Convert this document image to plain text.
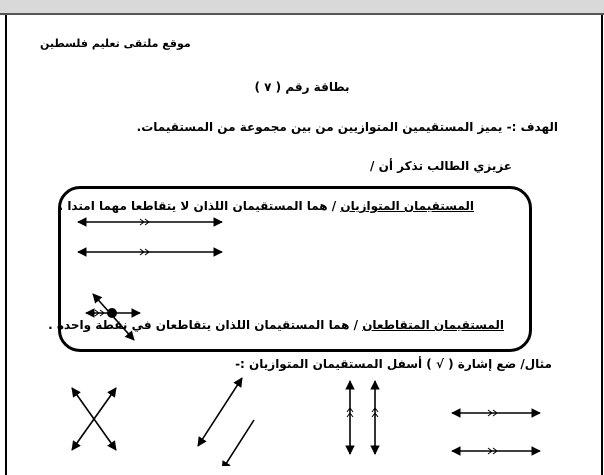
موقع ملتقى تعليم فلسطين
بطاقة رقم ( ٧ )
الهدف :- يميز المستقيمين المتوازيين من بين مجموعة من المستقيمات.
عزيزي الطالب تذكر أن /
المستقيمان المتوازيان / هما المستقيمان اللذان لا يتقاطعا مهما امتدا .
المستقيمان المتقاطعان / هما المستقيمان اللذان يتقاطعان في نقطة واحدة .
مثال/ ضع إشارة ( √ ) أسفل المستقيمان المتوازيان :-
